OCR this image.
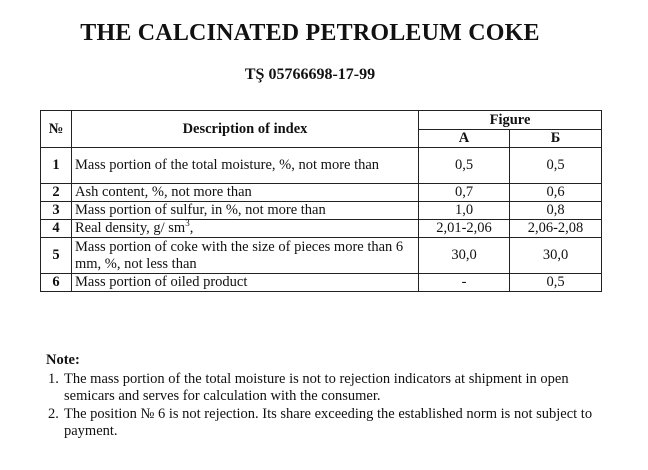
THE CALCINATED PETROLEUM COKE
TŞ 05766698-17-99
№	Description of index	Figure	
		А	Б
1	Mass portion of the total moisture, %, not more than	0,5	0,5
2	Ash content, %, not more than	0,7	0,6
3	Mass portion of sulfur, in %, not more than	1,0	0,8
4	Real density, g/ $sm^3$,	2,01-2,06	2,06-2,08
5	Mass portion of coke with the size of pieces more than 6 mm, %, not less than	30,0	30,0
6	Mass portion of oiled product	-	0,5
Note:
1. The mass portion of the total moisture is not to rejection indicators at shipment in open semicars and serves for calculation with the consumer.
2. The position № 6 is not rejection. Its share exceeding the established norm is not subject to payment.
